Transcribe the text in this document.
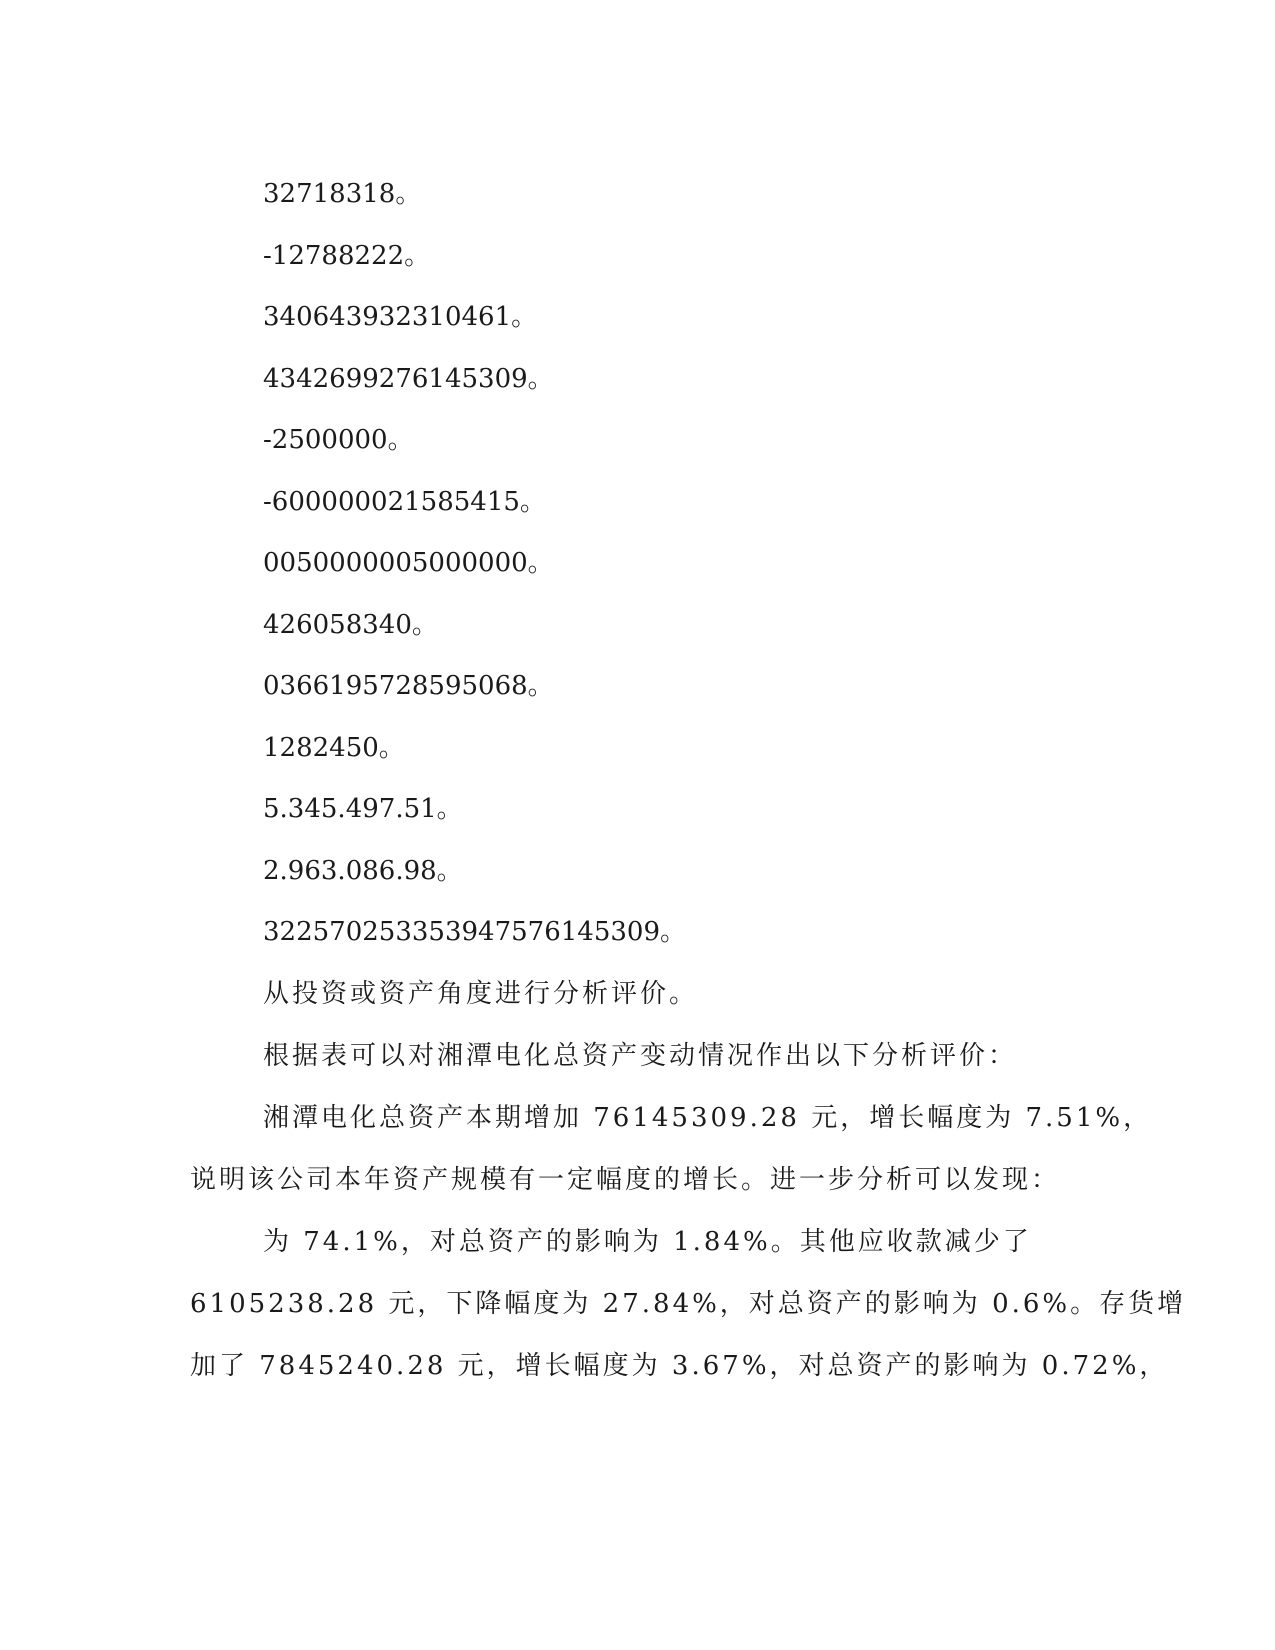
32718318。
-12788222。
340643932310461。
4342699276145309。
-2500000。
-600000021585415。
0050000005000000。
426058340。
0366195728595068。
1282450。
5.345.497.51。
2.963.086.98。
322570253353947576145309。
从投资或资产角度进行分析评价。
根据表可以对湘潭电化总资产变动情况作出以下分析评价：

湘潭电化总资产本期增加 76145309.28 元，增长幅度为 7.51%，
说明该公司本年资产规模有一定幅度的增长。进一步分析可以发现：

为 74.1%，对总资产的影响为 1.84%。其他应收款减少了
6105238.28 元，下降幅度为 27.84%，对总资产的影响为 0.6%。存货增
加了 7845240.28 元，增长幅度为 3.67%，对总资产的影响为 0.72%，
